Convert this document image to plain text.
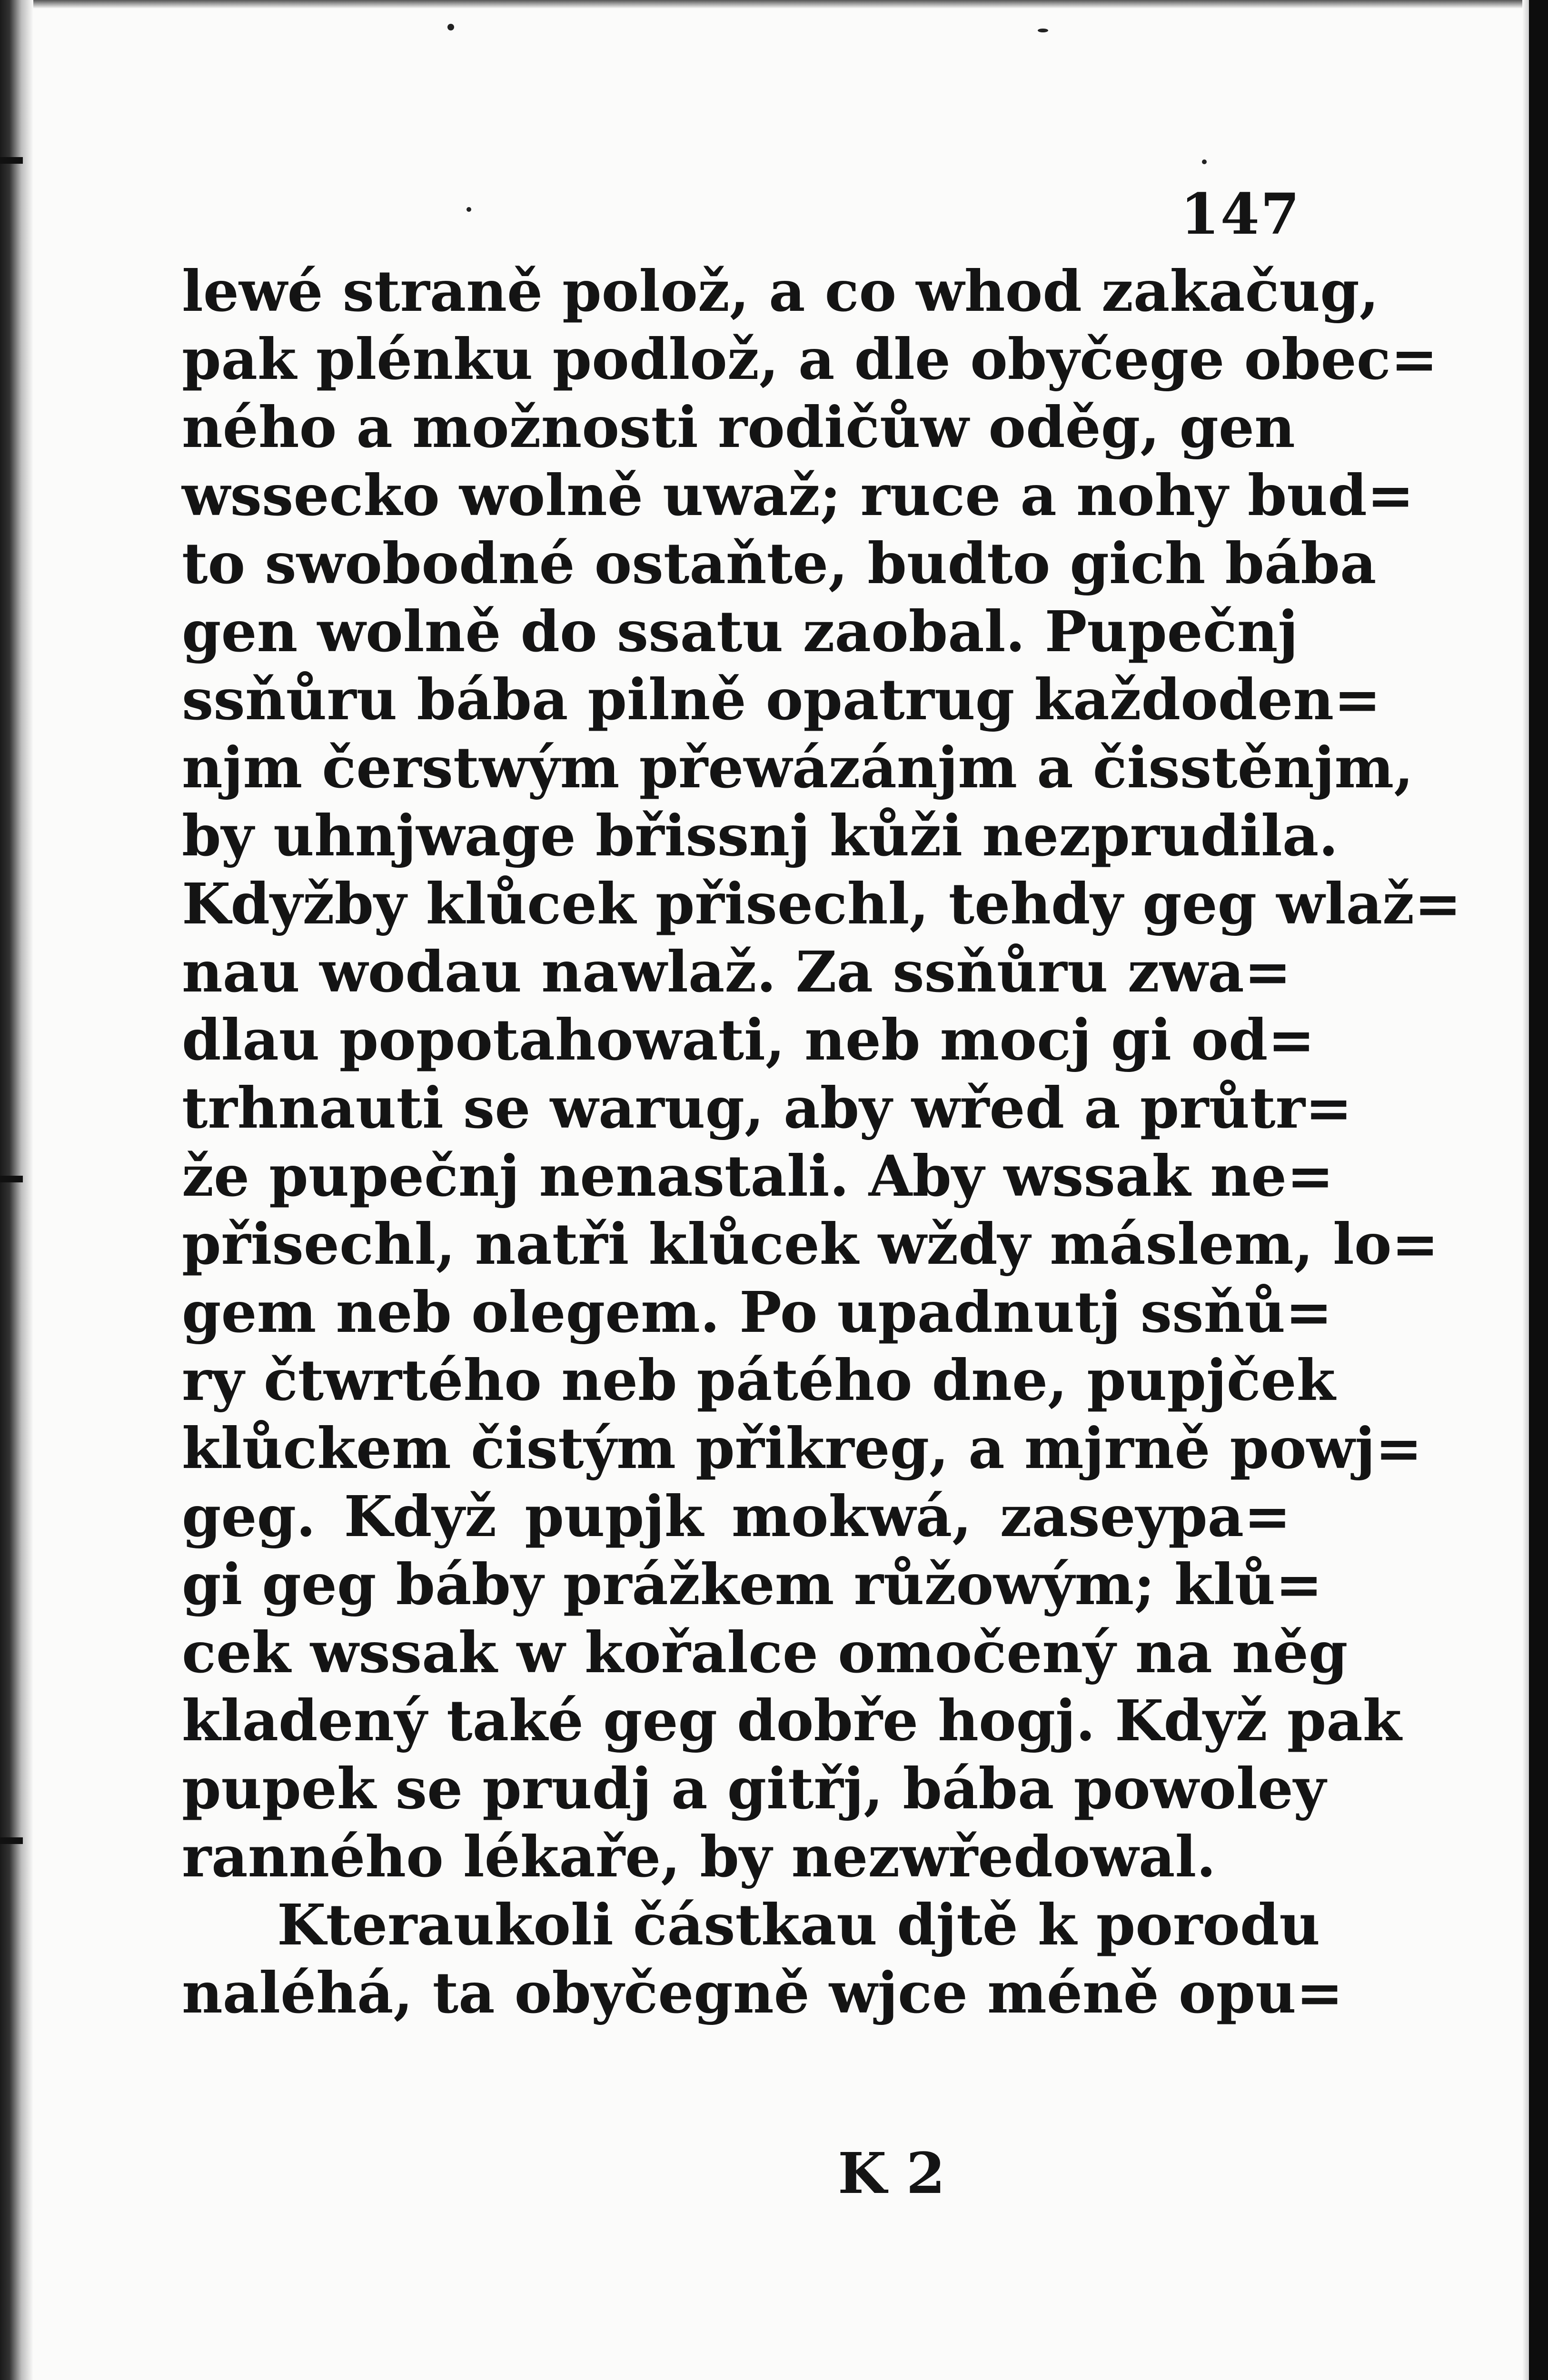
147
lewé straně polož, a co whod zakačug,
pak plénku podlož, a dle obyčege obec=
ného a možnosti rodičůw oděg, gen
wssecko wolně uwaž; ruce a nohy bud=
to swobodné ostaňte, budto gich bába
gen wolně do ssatu zaobal. Pupečnj
ssňůru bába pilně opatrug každoden=
njm čerstwým přewázánjm a čisstěnjm,
by uhnjwage břissnj kůži nezprudila.
Kdyžby klůcek přisechl, tehdy geg wlaž=
nau wodau nawlaž. Za ssňůru zwa=
dlau popotahowati, neb mocj gi od=
trhnauti se warug, aby wřed a průtr=
že pupečnj nenastali. Aby wssak ne=
přisechl, natři klůcek wždy máslem, lo=
gem neb olegem. Po upadnutj ssňů=
ry čtwrtého neb pátého dne, pupjček
klůckem čistým přikreg, a mjrně powj=
geg. Když pupjk mokwá, zaseypa=
gi geg báby prážkem růžowým; klů=
cek wssak w kořalce omočený na něg
kladený také geg dobře hogj. Když pak
pupek se prudj a gitřj, bába powoley
ranného lékaře, by nezwředowal.
Kteraukoli částkau djtě k porodu
naléhá, ta obyčegně wjce méně opu=
K 2
